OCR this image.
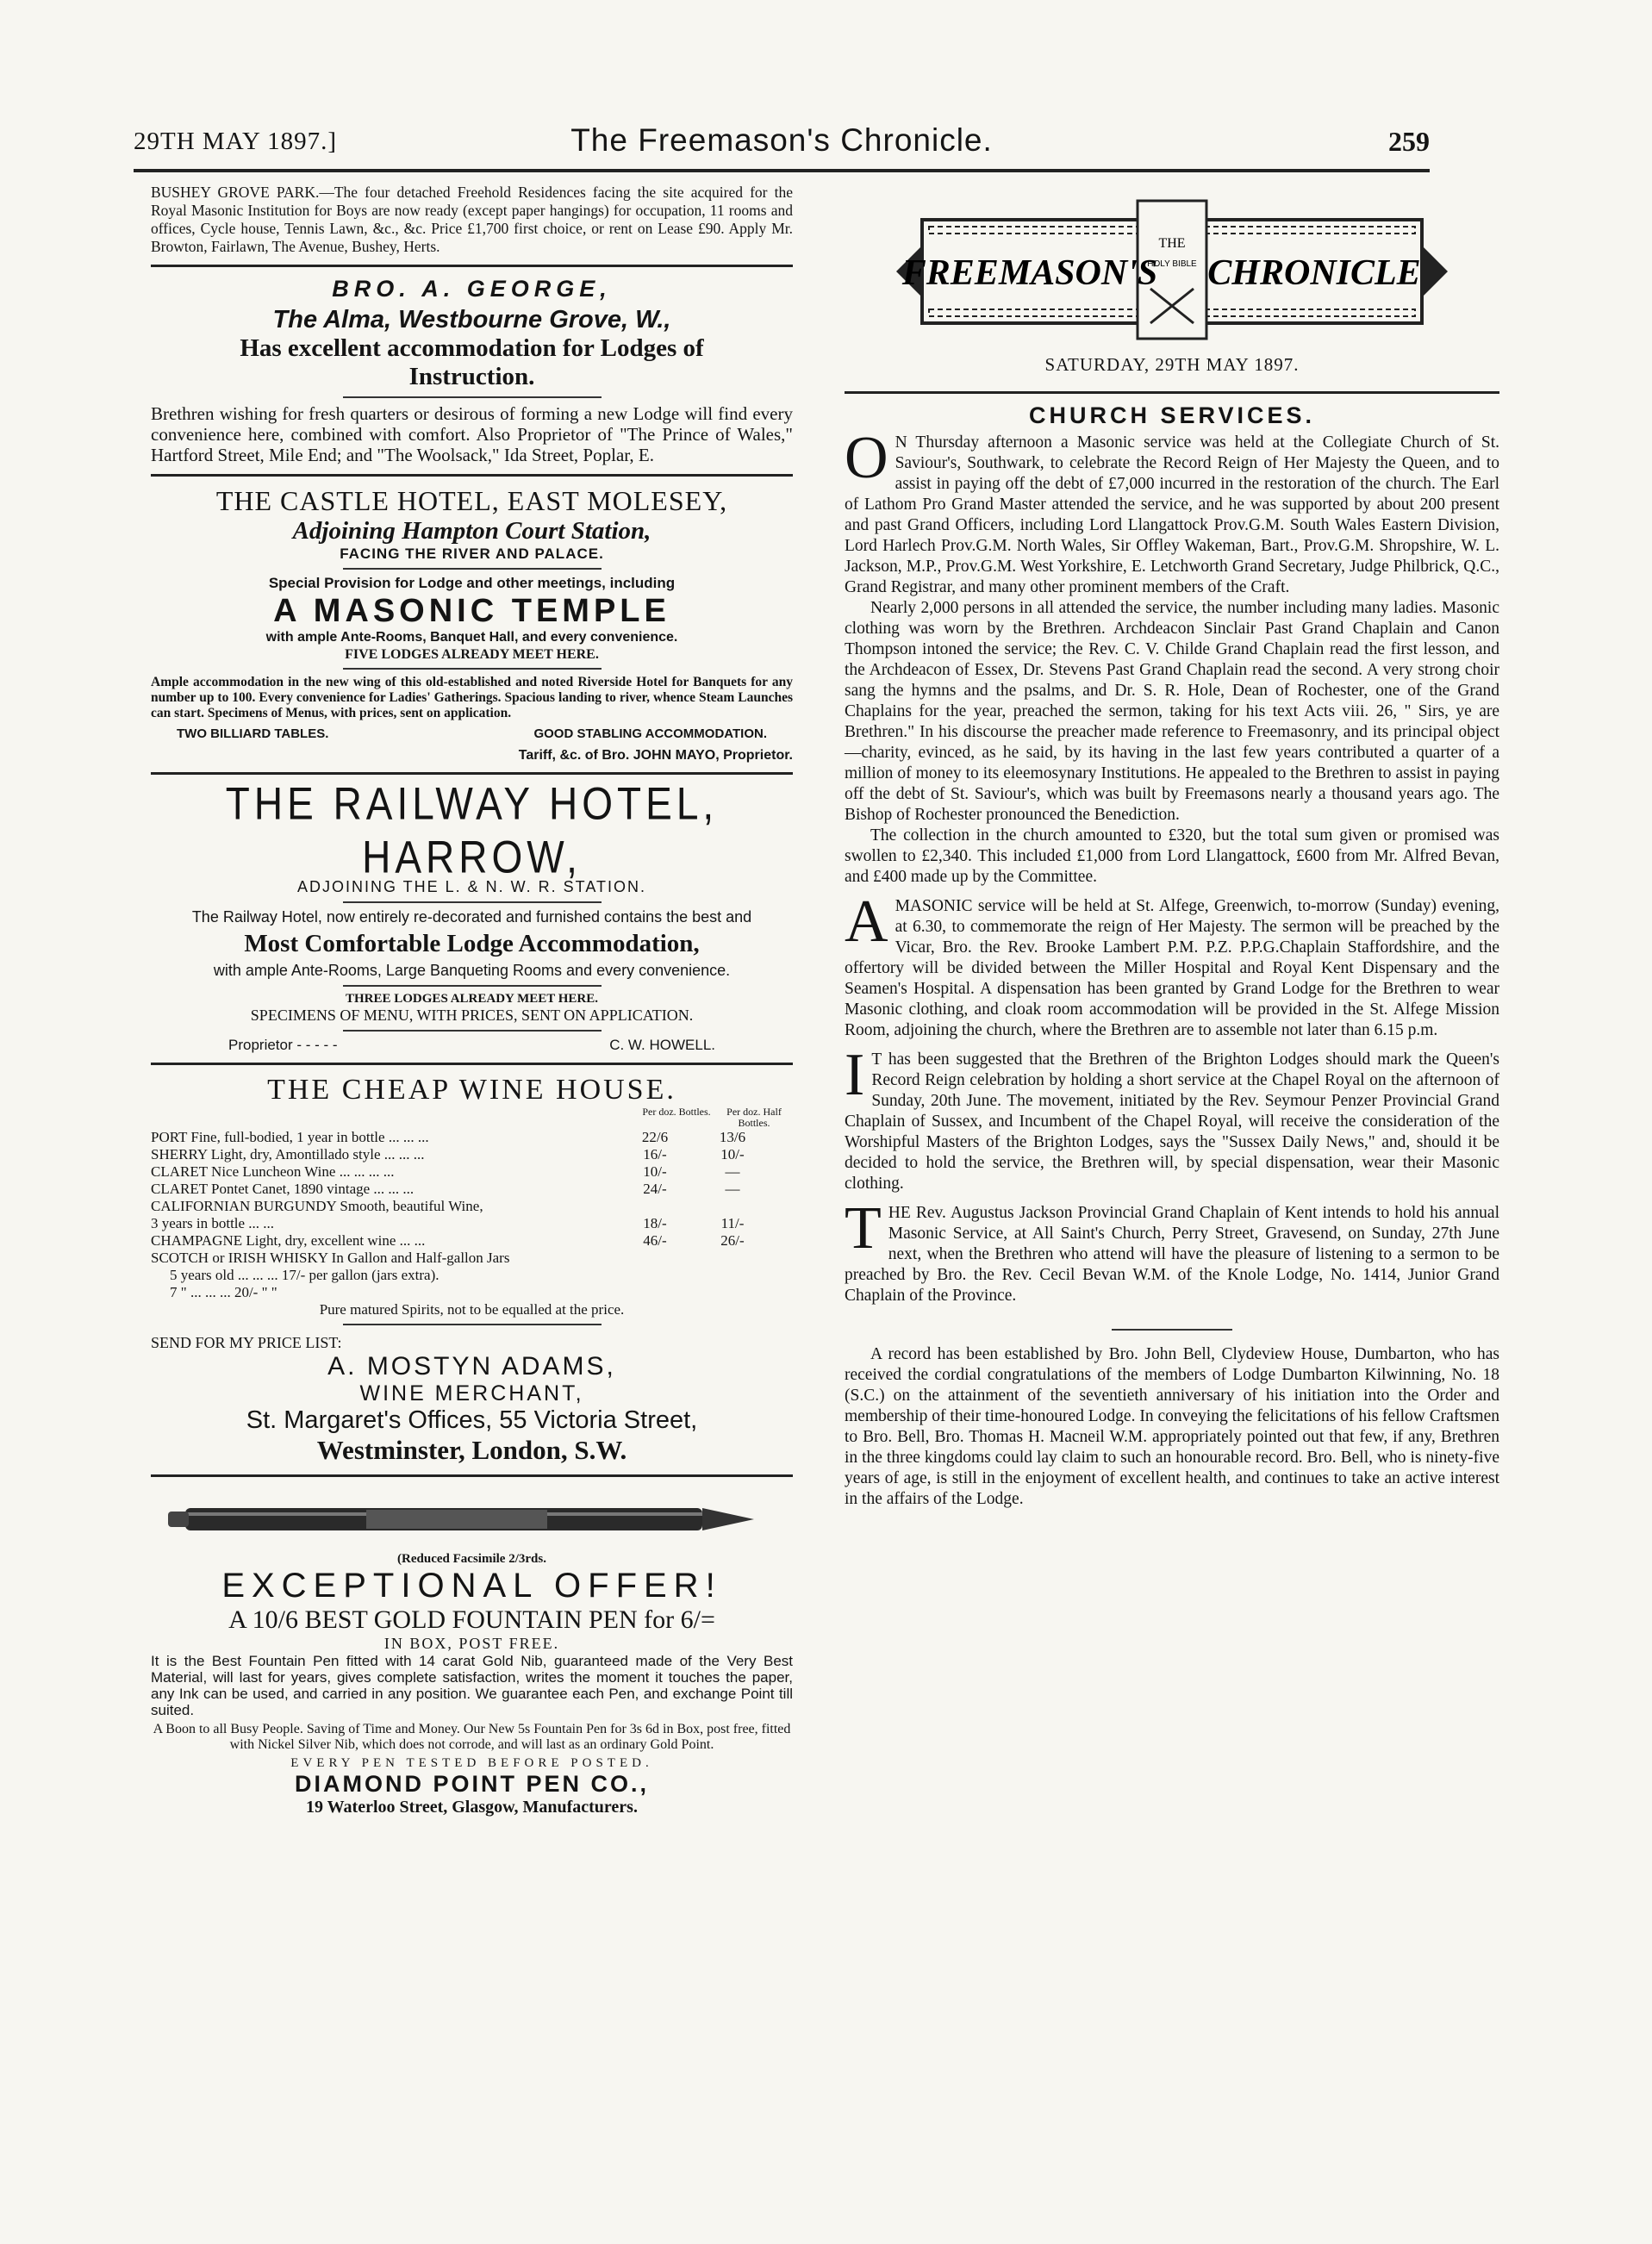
29TH MAY 1897.]	The Freemason's Chronicle.	259

BUSHEY GROVE PARK.—The four detached Freehold Residences facing the site acquired for the Royal Masonic Institution for Boys are now ready (except paper hangings) for occupation, 11 rooms and offices, Cycle house, Tennis Lawn, &c., &c. Price £1,700 first choice, or rent on Lease £90. Apply Mr. Browton, Fairlawn, The Avenue, Bushey, Herts.

BRO. A. GEORGE,
The Alma, Westbourne Grove, W.,
Has excellent accommodation for Lodges of
Instruction.

Brethren wishing for fresh quarters or desirous of forming a new Lodge will find every convenience here, combined with comfort. Also Proprietor of "The Prince of Wales," Hartford Street, Mile End; and "The Woolsack," Ida Street, Poplar, E.

THE CASTLE HOTEL, EAST MOLESEY,
Adjoining Hampton Court Station,
FACING THE RIVER AND PALACE.
Special Provision for Lodge and other meetings, including
A MASONIC TEMPLE
with ample Ante-Rooms, Banquet Hall, and every convenience.
FIVE LODGES ALREADY MEET HERE.

Ample accommodation in the new wing of this old-established and noted Riverside Hotel for Banquets for any number up to 100. Every convenience for Ladies' Gatherings. Spacious landing to river, whence Steam Launches can start. Specimens of Menus, with prices, sent on application.

TWO BILLIARD TABLES.	GOOD STABLING ACCOMMODATION.
Tariff, &c. of Bro. JOHN MAYO, Proprietor.
THE RAILWAY HOTEL, HARROW,
ADJOINING THE L. & N. W. R. STATION.
The Railway Hotel, now entirely re-decorated and furnished contains the best and
Most Comfortable Lodge Accommodation,
with ample Ante-Rooms, Large Banqueting Rooms and every convenience.
THREE LODGES ALREADY MEET HERE.
SPECIMENS OF MENU, WITH PRICES, SENT ON APPLICATION.
Proprietor - - - - -	C. W. HOWELL.
THE CHEAP WINE HOUSE.
Per doz. Bottles.	Per doz. Half Bottles.
PORT Fine, full-bodied, 1 year in bottle ... ... ...	22/6	13/6
SHERRY Light, dry, Amontillado style ... ... ...	16/-	10/-
CLARET Nice Luncheon Wine ... ... ... ...	10/-	—
CLARET Pontet Canet, 1890 vintage ... ... ...	24/-	—
CALIFORNIAN BURGUNDY Smooth, beautiful Wine,
3 years in bottle ... ...	18/-	11/-
CHAMPAGNE Light, dry, excellent wine ... ...	46/-	26/-
SCOTCH or IRISH WHISKY In Gallon and Half-gallon Jars
5 years old ... ... ... 17/- per gallon (jars extra).
7 " ... ... ... 20/- " "
Pure matured Spirits, not to be equalled at the price.
SEND FOR MY PRICE LIST:
A. MOSTYN ADAMS,
WINE MERCHANT,
St. Margaret's Offices, 55 Victoria Street,
Westminster, London, S.W.
(Reduced Facsimile 2/3rds.
EXCEPTIONAL OFFER!
A 10/6 BEST GOLD FOUNTAIN PEN for 6/=
IN BOX, POST FREE.

It is the Best Fountain Pen fitted with 14 carat Gold Nib, guaranteed made of the Very Best Material, will last for years, gives complete satisfaction, writes the moment it touches the paper, any Ink can be used, and carried in any position. We guarantee each Pen, and exchange Point till suited.

A Boon to all Busy People. Saving of Time and Money. Our New 5s Fountain Pen for 3s 6d in Box, post free, fitted with Nickel Silver Nib, which does not corrode, and will last as an ordinary Gold Point.

EVERY PEN TESTED BEFORE POSTED.
DIAMOND POINT PEN CO.,
19 Waterloo Street, Glasgow, Manufacturers.
THE
HOLY BIBLE
FREEMASON'S CHRONICLE
SATURDAY, 29TH MAY 1897.
CHURCH SERVICES.

O N Thursday afternoon a Masonic service was held at the Collegiate Church of St. Saviour's, Southwark, to celebrate the Record Reign of Her Majesty the Queen, and to assist in paying off the debt of £7,000 incurred in the restoration of the church. The Earl of Lathom Pro Grand Master attended the service, and he was supported by about 200 present and past Grand Officers, including Lord Llangattock Prov.G.M. South Wales Eastern Division, Lord Harlech Prov.G.M. North Wales, Sir Offley Wakeman, Bart., Prov.G.M. Shropshire, W. L. Jackson, M.P., Prov.G.M. West Yorkshire, E. Letchworth Grand Secretary, Judge Philbrick, Q.C., Grand Registrar, and many other prominent members of the Craft.

Nearly 2,000 persons in all attended the service, the number including many ladies. Masonic clothing was worn by the Brethren. Archdeacon Sinclair Past Grand Chaplain and Canon Thompson intoned the service; the Rev. C. V. Childe Grand Chaplain read the first lesson, and the Archdeacon of Essex, Dr. Stevens Past Grand Chaplain read the second. A very strong choir sang the hymns and the psalms, and Dr. S. R. Hole, Dean of Rochester, one of the Grand Chaplains for the year, preached the sermon, taking for his text Acts viii. 26, " Sirs, ye are Brethren." In his discourse the preacher made reference to Freemasonry, and its principal object—charity, evinced, as he said, by its having in the last few years contributed a quarter of a million of money to its eleemosynary Institutions. He appealed to the Brethren to assist in paying off the debt of St. Saviour's, which was built by Freemasons nearly a thousand years ago. The Bishop of Rochester pronounced the Benediction.

The collection in the church amounted to £320, but the total sum given or promised was swollen to £2,340. This included £1,000 from Lord Llangattock, £600 from Mr. Alfred Bevan, and £400 made up by the Committee.

AMASONIC service will be held at St. Alfege, Greenwich, to-morrow (Sunday) evening, at 6.30, to commemorate the reign of Her Majesty. The sermon will be preached by the Vicar, Bro. the Rev. Brooke Lambert P.M. P.Z. P.P.G.Chaplain Staffordshire, and the offertory will be divided between the Miller Hospital and Royal Kent Dispensary and the Seamen's Hospital. A dispensation has been granted by Grand Lodge for the Brethren to wear Masonic clothing, and cloak room accommodation will be provided in the St. Alfege Mission Room, adjoining the church, where the Brethren are to assemble not later than 6.15 p.m.

I T has been suggested that the Brethren of the Brighton Lodges should mark the Queen's Record Reign celebration by holding a short service at the Chapel Royal on the afternoon of Sunday, 20th June. The movement, initiated by the Rev. Seymour Penzer Provincial Grand Chaplain of Sussex, and Incumbent of the Chapel Royal, will receive the consideration of the Worshipful Masters of the Brighton Lodges, says the "Sussex Daily News," and, should it be decided to hold the service, the Brethren will, by special dispensation, wear their Masonic clothing.

THE Rev. Augustus Jackson Provincial Grand Chaplain of Kent intends to hold his annual Masonic Service, at All Saint's Church, Perry Street, Gravesend, on Sunday, 27th June next, when the Brethren who attend will have the pleasure of listening to a sermon to be preached by Bro. the Rev. Cecil Bevan W.M. of the Knole Lodge, No. 1414, Junior Grand Chaplain of the Province.

A record has been established by Bro. John Bell, Clydeview House, Dumbarton, who has received the cordial congratulations of the members of Lodge Dumbarton Kilwinning, No. 18 (S.C.) on the attainment of the seventieth anniversary of his initiation into the Order and membership of their time-honoured Lodge. In conveying the felicitations of his fellow Craftsmen to Bro. Bell, Bro. Thomas H. Macneil W.M. appropriately pointed out that few, if any, Brethren in the three kingdoms could lay claim to such an honourable record. Bro. Bell, who is ninety-five years of age, is still in the enjoyment of excellent health, and continues to take an active interest in the affairs of the Lodge.
